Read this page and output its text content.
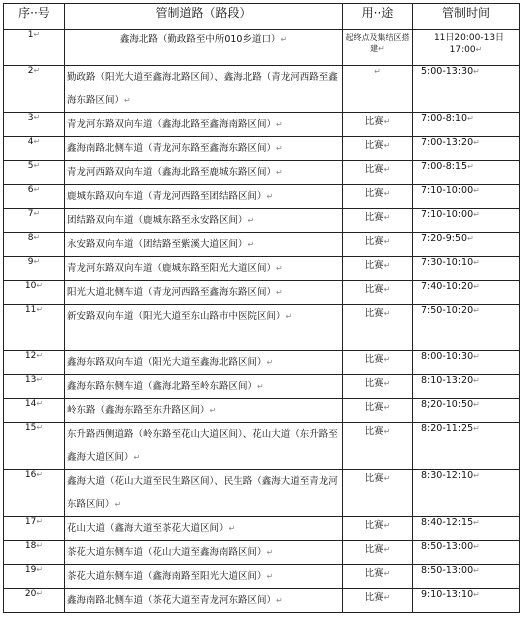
序··号	管制道路（路段）	用··途	管制时间
1↵	鑫海北路（勤政路至中所010乡道口）↵	起终点及集结区搭建↵	11日20:00-13日17:00↵
2↵	勤政路（阳光大道至鑫海北路区间）、鑫海北路（青龙河西路至鑫海东路区间）↵	↵	5:00-13:30↵
3↵	青龙河东路双向车道（鑫海北路至鑫海南路区间）↵	比赛↵	7:00-8:10↵
4↵	鑫海南路北侧车道（青龙河东路至鑫海东路区间）↵	比赛↵	7:00-13:20↵
5↵	青龙河西路双向车道（鑫海北路至鹿城东路区间）↵	比赛↵	7:00-8:15↵
6↵	鹿城东路双向车道（青龙河西路至团结路区间）↵	比赛↵	7:10-10:00↵
7↵	团结路双向车道（鹿城东路至永安路区间）↵	比赛↵	7:10-10:00↵
8↵	永安路双向车道（团结路至紫溪大道区间）↵	比赛↵	7:20-9:50↵
9↵	青龙河东路双向车道（鹿城东路至阳光大道区间）↵	比赛↵	7:30-10:10↵
10↵	阳光大道北侧车道（青龙河西路至鑫海东路区间）↵	比赛↵	7:40-10:20↵
11↵	新安路双向车道（阳光大道至东山路市中医院区间）↵	比赛↵	7:50-10:20↵
12↵	鑫海东路双向车道（阳光大道至鑫海北路区间）↵	比赛↵	8:00-10:30↵
13↵	鑫海东路东侧车道（鑫海北路至岭东路区间）↵	比赛↵	8:10-13:20↵
14↵	岭东路（鑫海东路至东升路区间）↵	比赛↵	8;20-10:50↵
15↵	东升路西侧道路（岭东路至花山大道区间）、花山大道（东升路至鑫海大道区间）↵	比赛↵	8:20-11:25↵
16↵	鑫海大道（花山大道至民生路区间）、民生路（鑫海大道至青龙河东路区间）↵	比赛↵	8:30-12:10↵
17↵	花山大道（鑫海大道至茶花大道区间）↵	比赛↵	8:40-12:15↵
18↵	茶花大道东侧车道（花山大道至鑫海南路区间）↵	比赛↵	8:50-13:00↵
19↵	茶花大道东侧车道（鑫海南路至阳光大道区间）↵	比赛↵	8:50-13:00↵
20↵	鑫海南路北侧车道（茶花大道至青龙河东路区间）↵	比赛↵	9:10-13:10↵
